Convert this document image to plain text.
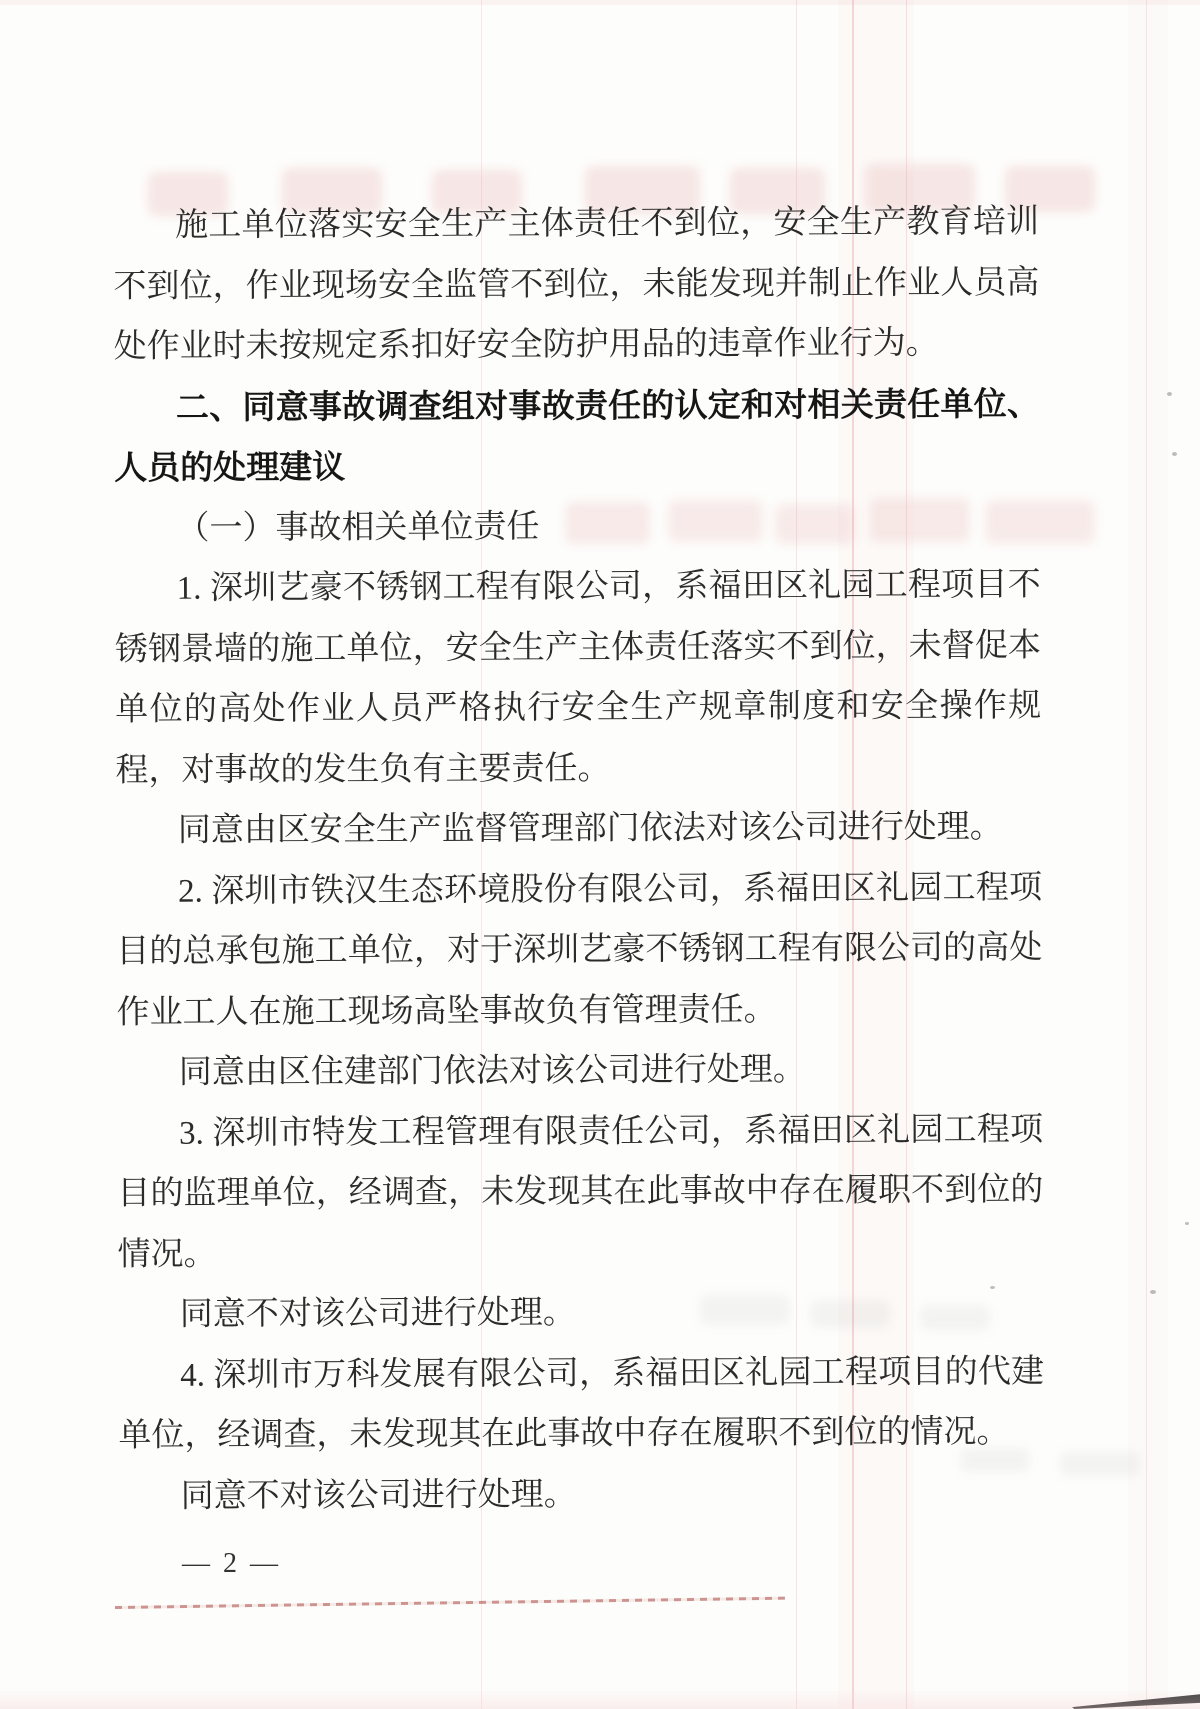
施工单位落实安全生产主体责任不到位，安全生产教育培训
不到位，作业现场安全监管不到位，未能发现并制止作业人员高
处作业时未按规定系扣好安全防护用品的违章作业行为。
二、同意事故调查组对事故责任的认定和对相关责任单位、
人员的处理建议
（一）事故相关单位责任
1. 深圳艺豪不锈钢工程有限公司，系福田区礼园工程项目不
锈钢景墙的施工单位，安全生产主体责任落实不到位，未督促本
单位的高处作业人员严格执行安全生产规章制度和安全操作规
程，对事故的发生负有主要责任。
同意由区安全生产监督管理部门依法对该公司进行处理。
2. 深圳市铁汉生态环境股份有限公司，系福田区礼园工程项
目的总承包施工单位，对于深圳艺豪不锈钢工程有限公司的高处
作业工人在施工现场高坠事故负有管理责任。
同意由区住建部门依法对该公司进行处理。
3. 深圳市特发工程管理有限责任公司，系福田区礼园工程项
目的监理单位，经调查，未发现其在此事故中存在履职不到位的
情况。
同意不对该公司进行处理。
4. 深圳市万科发展有限公司，系福田区礼园工程项目的代建
单位，经调查，未发现其在此事故中存在履职不到位的情况。
同意不对该公司进行处理。
— 2 —
